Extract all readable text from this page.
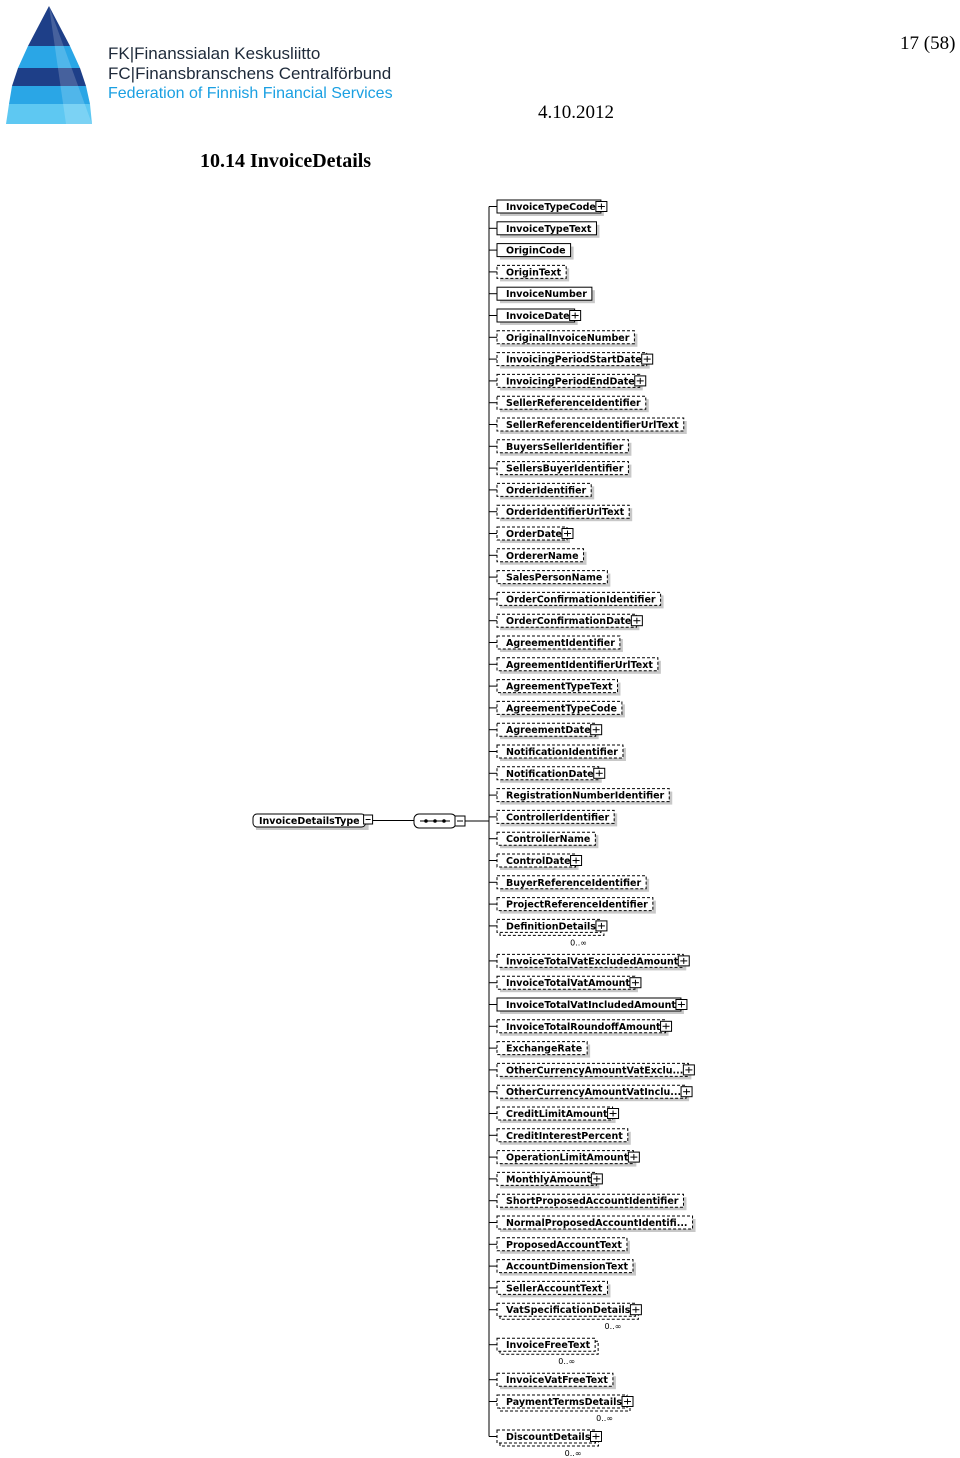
FK|Finanssialan Keskusliitto
FC|Finansbranschens Centralförbund
Federation of Finnish Financial Services
17 (58)
4.10.2012
10.14 InvoiceDetails
InvoiceDetailsType
InvoiceTypeCode
InvoiceTypeText
OriginCode
OriginText
InvoiceNumber
InvoiceDate
OriginalInvoiceNumber
InvoicingPeriodStartDate
InvoicingPeriodEndDate
SellerReferenceIdentifier
SellerReferenceIdentifierUrlText
BuyersSellerIdentifier
SellersBuyerIdentifier
OrderIdentifier
OrderIdentifierUrlText
OrderDate
OrdererName
SalesPersonName
OrderConfirmationIdentifier
OrderConfirmationDate
AgreementIdentifier
AgreementIdentifierUrlText
AgreementTypeText
AgreementTypeCode
AgreementDate
NotificationIdentifier
NotificationDate
RegistrationNumberIdentifier
ControllerIdentifier
ControllerName
ControlDate
BuyerReferenceIdentifier
ProjectReferenceIdentifier
DefinitionDetails
0..∞
InvoiceTotalVatExcludedAmount
InvoiceTotalVatAmount
InvoiceTotalVatIncludedAmount
InvoiceTotalRoundoffAmount
ExchangeRate
OtherCurrencyAmountVatExclu...
OtherCurrencyAmountVatInclu...
CreditLimitAmount
CreditInterestPercent
OperationLimitAmount
MonthlyAmount
ShortProposedAccountIdentifier
NormalProposedAccountIdentifi...
ProposedAccountText
AccountDimensionText
SellerAccountText
VatSpecificationDetails
0..∞
InvoiceFreeText
0..∞
InvoiceVatFreeText
PaymentTermsDetails
0..∞
DiscountDetails
0..∞
